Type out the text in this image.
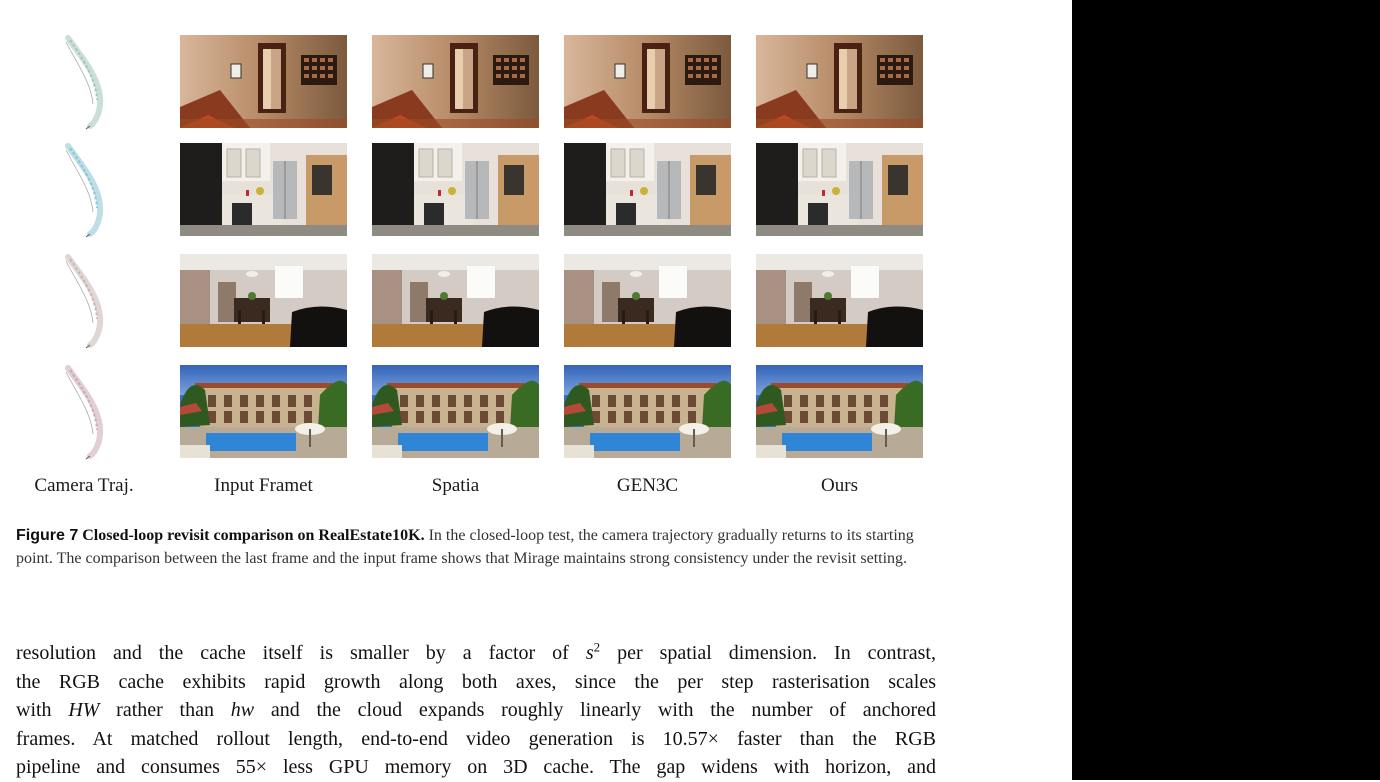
Camera Traj.	Input Framet	Spatia	GEN3C	Ours

Figure 7 Closed-loop revisit comparison on RealEstate10K. In the closed-loop test, the camera trajectory gradually returns to its starting point. The comparison between the last frame and the input frame shows that Mirage maintains strong consistency under the revisit setting.

resolution and the cache itself is smaller by a factor of $s^2$ per spatial dimension. In contrast,
the RGB cache exhibits rapid growth along both axes, since the per step rasterisation scales
with HW rather than hw and the cloud expands roughly linearly with the number of anchored
frames. At matched rollout length, end-to-end video generation is 10.57× faster than the RGB
pipeline and consumes 55× less GPU memory on 3D cache. The gap widens with horizon, and
